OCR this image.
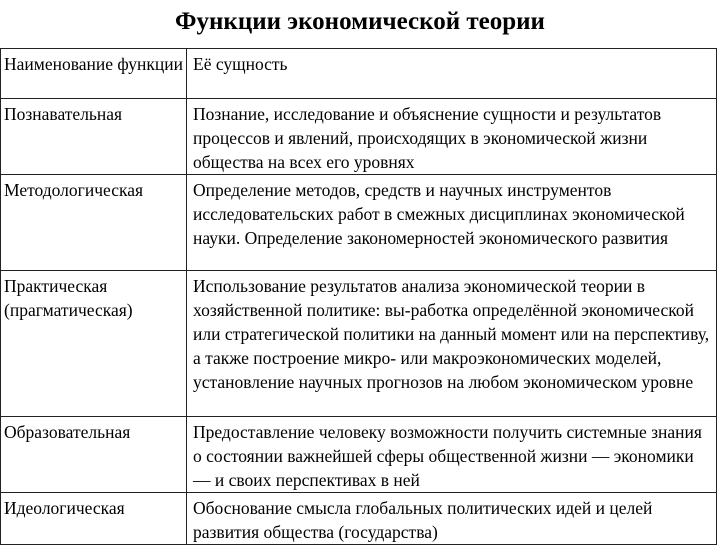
Функции экономической теории
Наименование функции	Её сущность
Познавательная	Познание, исследование и объяснение сущности и результатов процессов и явлений, происходящих в экономической жизни общества на всех его уровнях
Методологическая	Определение методов, средств и научных инструментов исследовательских работ в смежных дисциплинах экономической науки. Определение закономерностей экономического развития
Практическая (прагматическая)	Использование результатов анализа экономической теории в хозяйственной политике: вы-работка определённой экономической или стратегической политики на данный момент или на перспективу, а также построение микро- или макроэкономических моделей, установление научных прогнозов на любом экономическом уровне
Образовательная	Предоставление человеку возможности получить системные знания о состоянии важнейшей сферы общественной жизни — экономики — и своих перспективах в ней
Идеологическая	Обоснование смысла глобальных политических идей и целей развития общества (государства)
